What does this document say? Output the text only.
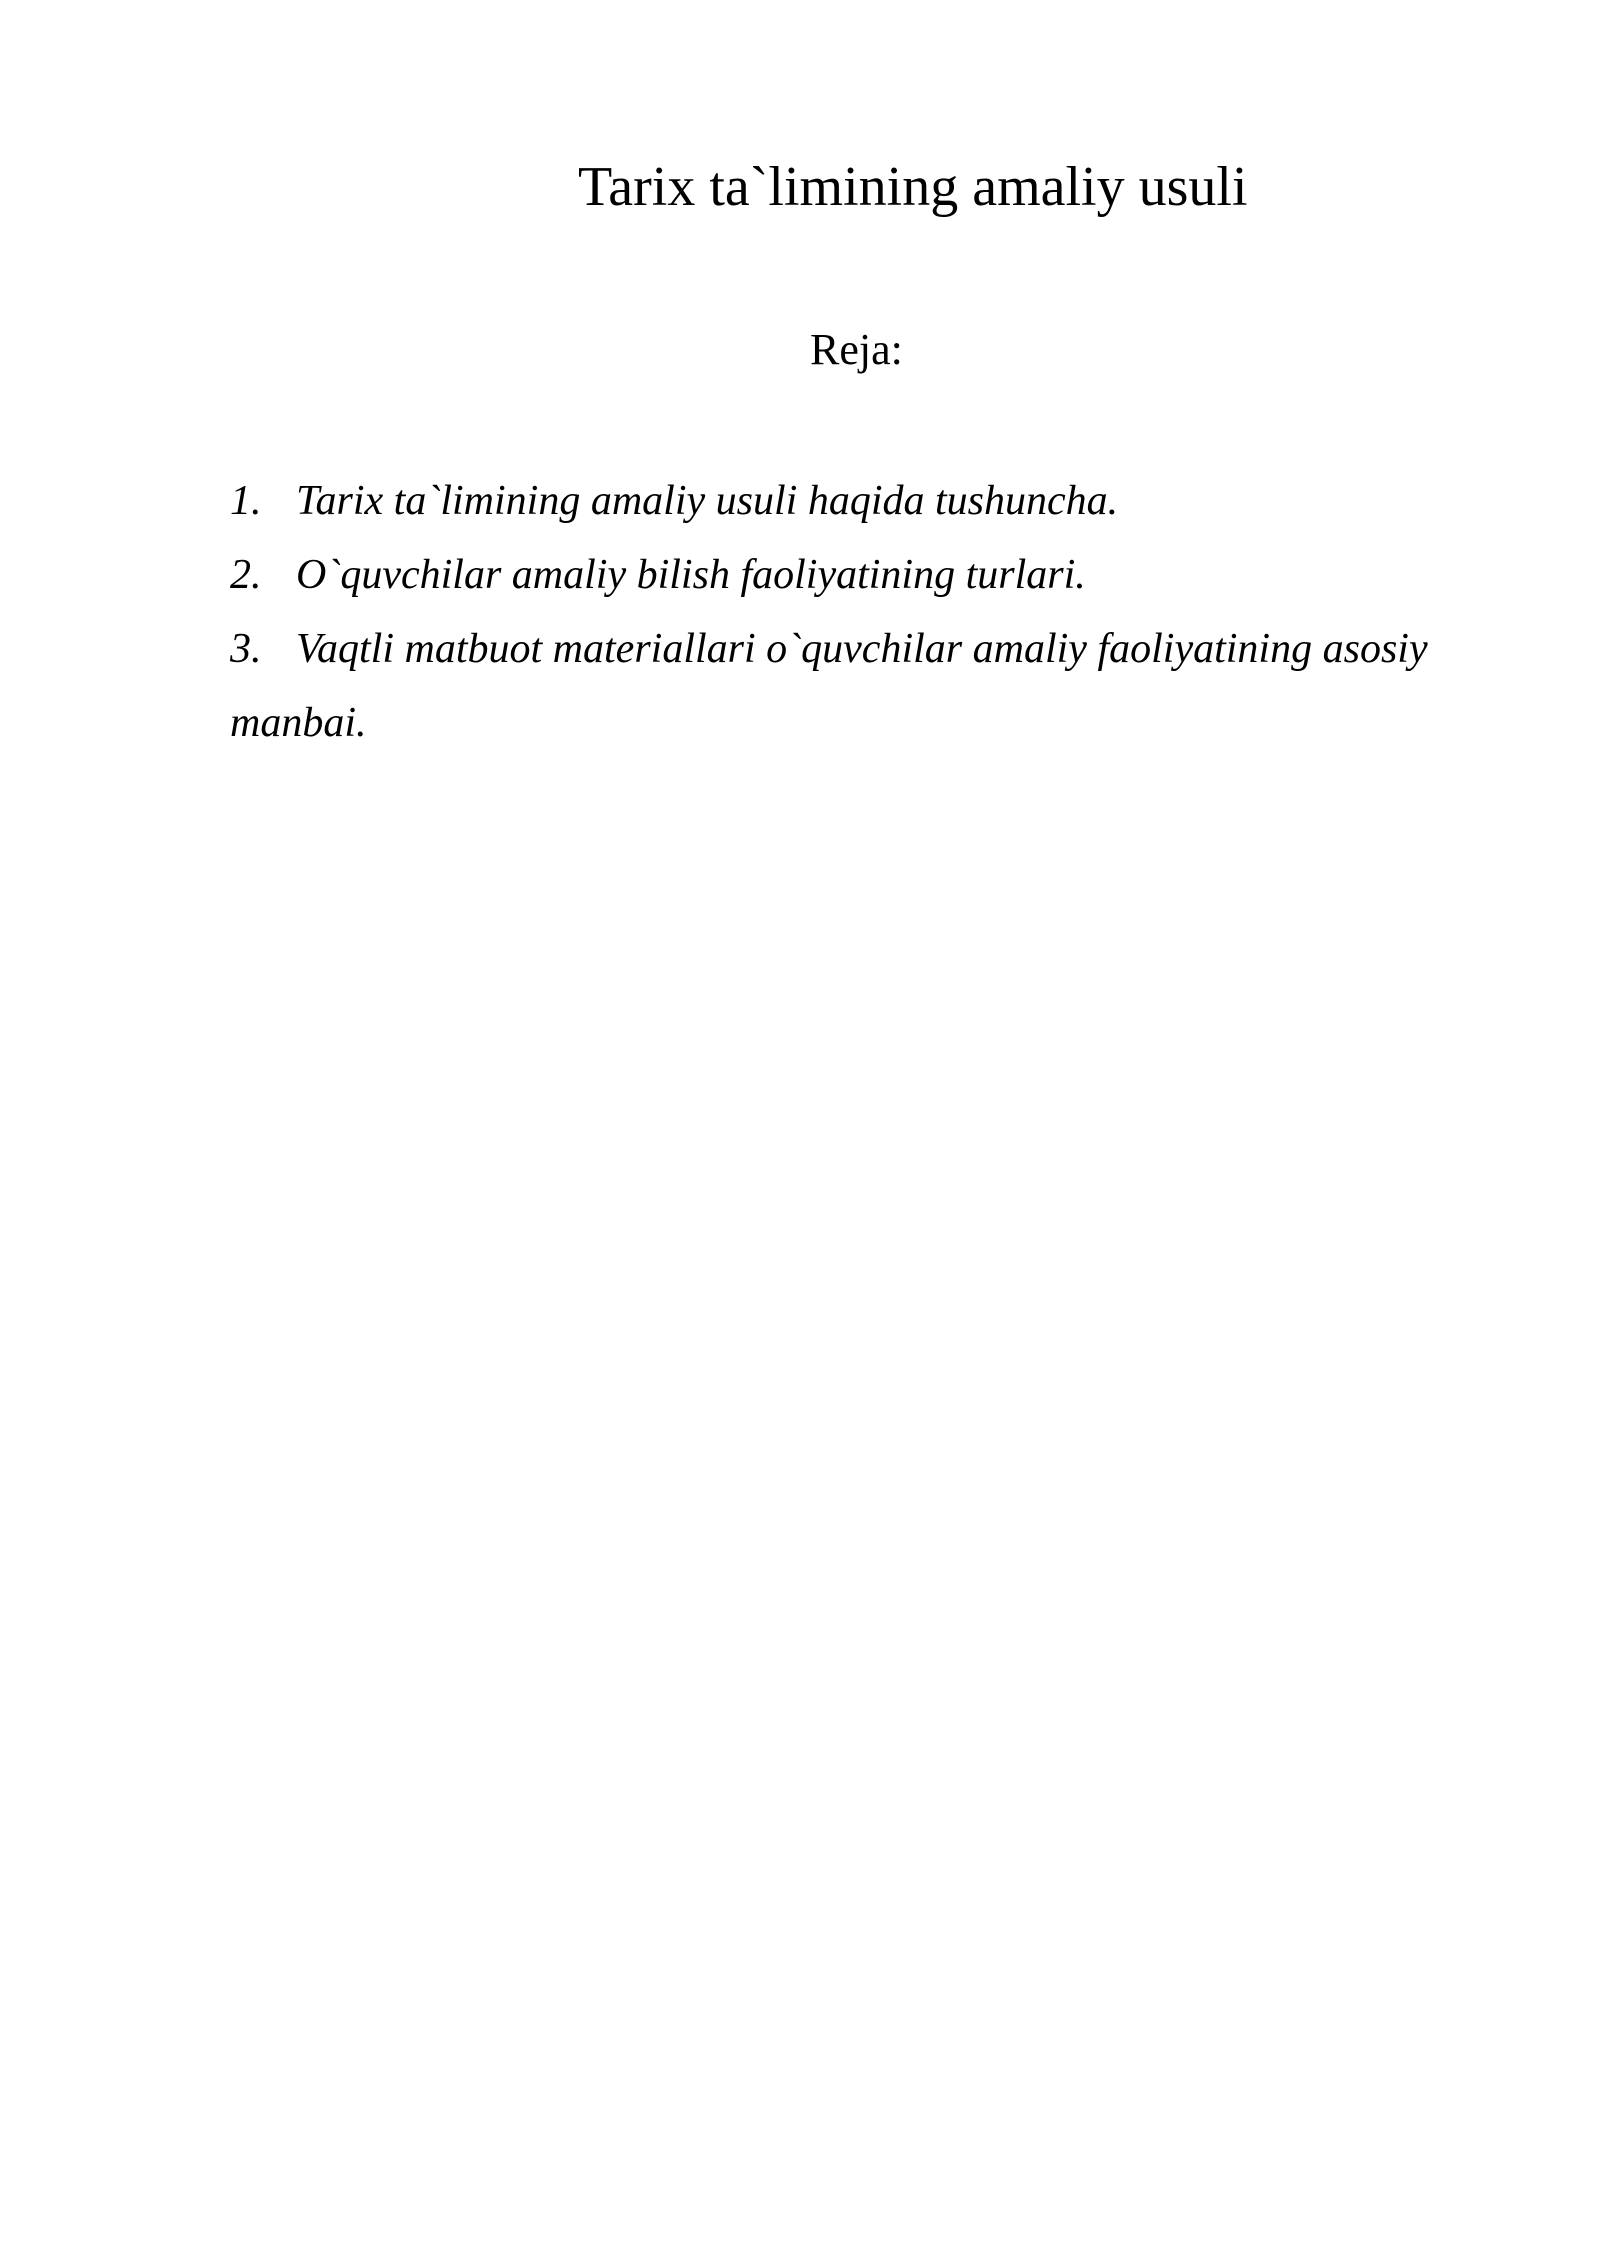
Tarix ta`limining amaliy usuli
Reja:
1. Tarix ta`limining amaliy usuli haqida tushuncha.
2. O`quvchilar amaliy bilish faoliyatining turlari.
3. Vaqtli matbuot materiallari o`quvchilar amaliy faoliyatining asosiy manbai.
